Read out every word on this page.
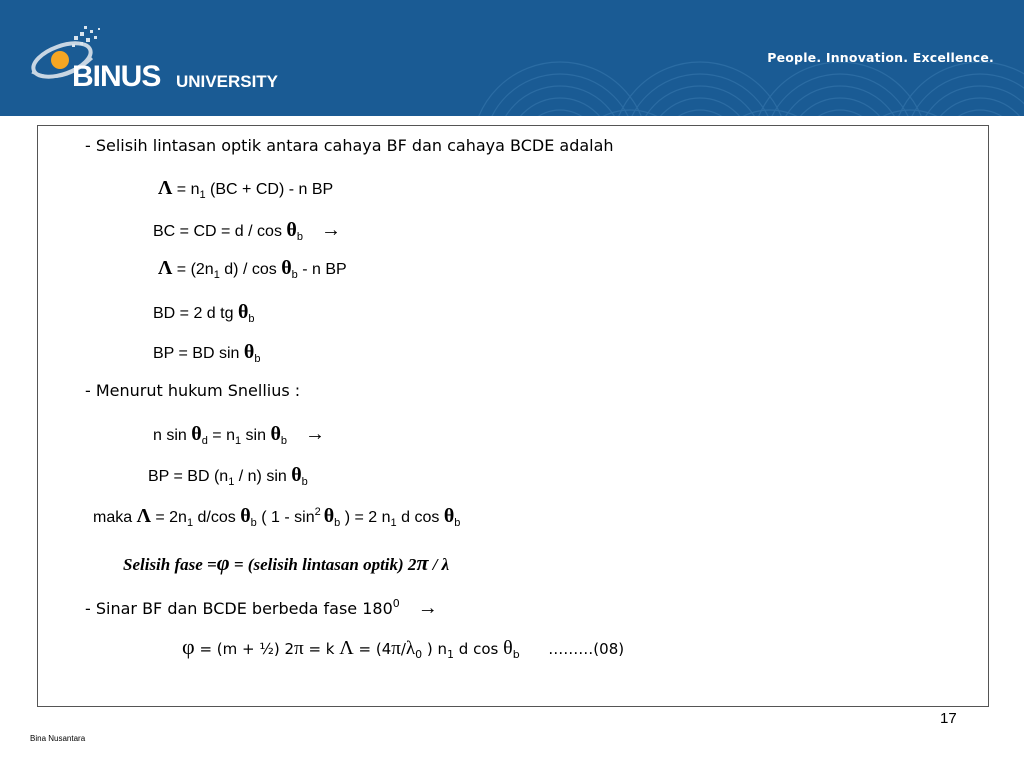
BINUS UNIVERSITY
People. Innovation. Excellence.
- Selisih lintasan optik antara cahaya BF dan cahaya BCDE adalah
$\Lambda = n_1$ (BC + CD) - n BP
BC = CD = d / $\cos \theta_b$ →
$\Lambda = (2n_1$ $d) / \cos \theta_b$ - n BP
BD = 2 d tg $\theta_b$
BP = BD $\sin \theta_b$
- Menurut hukum Snellius :
n $\sin \theta_d = n_1$ $\sin \theta_b$ →
BP = BD $(n_1 / n)$ $\sin \theta_b$
maka $\Lambda = 2n_1$ d/cos $\theta_b$ ( $1 - \sin^2 \theta_b$ ) = 2 $n_1$ d $\cos \theta_b$
Selisih fase =φ = (selisih lintasan optik) 2π / λ
- Sinar BF dan BCDE berbeda fase $180^0$ →
φ = (m + ½) 2π = k $\Lambda = (4\pi/\lambda_0$ ) $n_1$ d $\cos \theta_b$      ………(08)
17
Bina Nusantara
